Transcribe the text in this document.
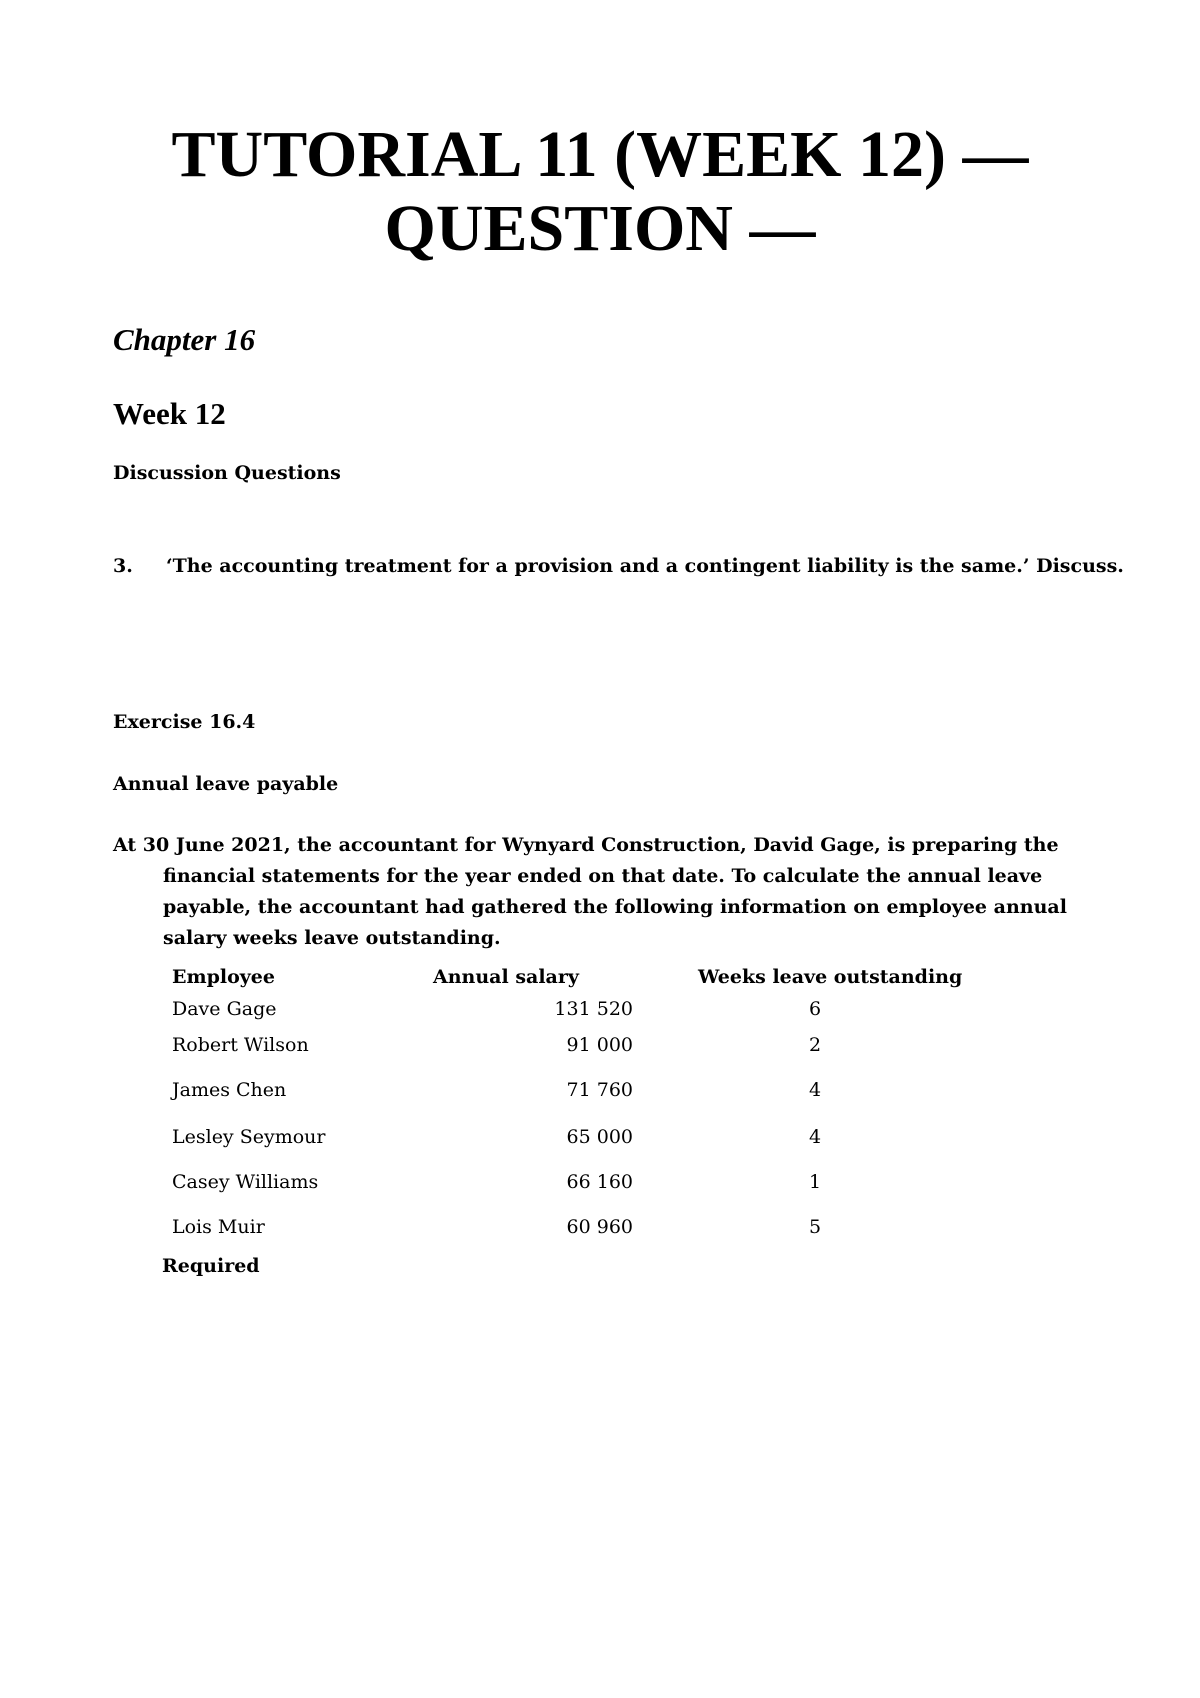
TUTORIAL 11 (WEEK 12) —
QUESTION —
Chapter 16
Week 12

Discussion Questions

3. ‘The accounting treatment for a provision and a contingent liability is the same.’ Discuss.

Exercise 16.4

Annual leave payable

At 30 June 2021, the accountant for Wynyard Construction, David Gage, is preparing the financial statements for the year ended on that date. To calculate the annual leave payable, the accountant had gathered the following information on employee annual salary weeks leave outstanding.

Employee	Annual salary	Weeks leave outstanding
Dave Gage	131 520	6
Robert Wilson	91 000	2
James Chen	71 760	4
Lesley Seymour	65 000	4
Casey Williams	66 160	1
Lois Muir	60 960	5
Required
